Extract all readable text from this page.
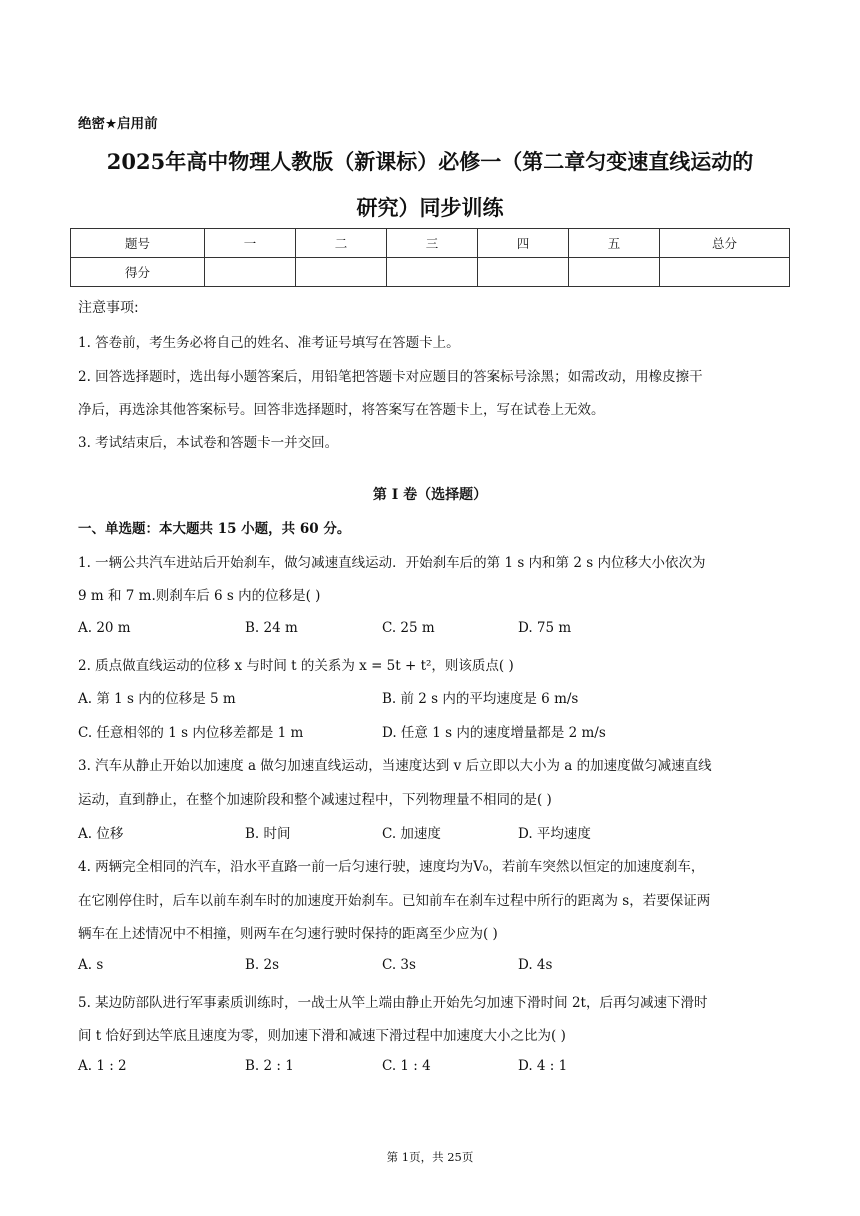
绝密★启用前
2025年高中物理人教版（新课标）必修一（第二章匀变速直线运动的
研究）同步训练
题号	一	二	三	四	五	总分
得分						
注意事项:
1. 答卷前，考生务必将自己的姓名、准考证号填写在答题卡上。
2. 回答选择题时，选出每小题答案后，用铅笔把答题卡对应题目的答案标号涂黑；如需改动，用橡皮擦干
净后，再选涂其他答案标号。回答非选择题时，将答案写在答题卡上，写在试卷上无效。
3. 考试结束后，本试卷和答题卡一并交回。
第 I 卷（选择题）
一、单选题：本大题共 15 小题，共 60 分。
1. 一辆公共汽车进站后开始刹车，做匀减速直线运动．开始刹车后的第 1 s 内和第 2 s 内位移大小依次为
9 m 和 7 m.则刹车后 6 s 内的位移是( )
A. 20 m	B. 24 m	C. 25 m	D. 75 m
2. 质点做直线运动的位移 x 与时间 t 的关系为 x = 5t + t²，则该质点( )
A. 第 1 s 内的位移是 5 m	B. 前 2 s 内的平均速度是 6 m/s
C. 任意相邻的 1 s 内位移差都是 1 m	D. 任意 1 s 内的速度增量都是 2 m/s
3. 汽车从静止开始以加速度 a 做匀加速直线运动，当速度达到 v 后立即以大小为 a 的加速度做匀减速直线
运动，直到静止，在整个加速阶段和整个减速过程中，下列物理量不相同的是( )
A. 位移	B. 时间	C. 加速度	D. 平均速度
4. 两辆完全相同的汽车，沿水平直路一前一后匀速行驶，速度均为V₀，若前车突然以恒定的加速度刹车，
在它刚停住时，后车以前车刹车时的加速度开始刹车。已知前车在刹车过程中所行的距离为 s，若要保证两
辆车在上述情况中不相撞，则两车在匀速行驶时保持的距离至少应为( )
A. s	B. 2s	C. 3s	D. 4s
5. 某边防部队进行军事素质训练时，一战士从竿上端由静止开始先匀加速下滑时间 2t，后再匀减速下滑时
间 t 恰好到达竿底且速度为零，则加速下滑和减速下滑过程中加速度大小之比为( )
A. 1 : 2	B. 2 : 1	C. 1 : 4	D. 4 : 1
第 1页，共 25页
